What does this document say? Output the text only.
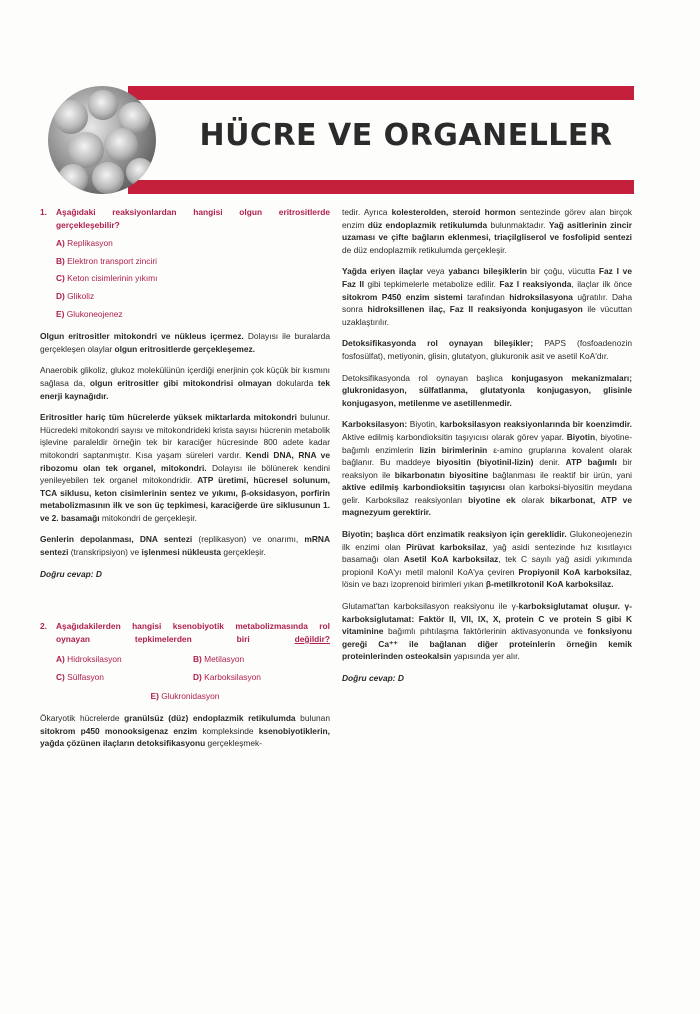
HÜCRE VE ORGANELLER
1.	Aşağıdaki reaksiyonlardan hangisi olgun eritrositlerde gerçekleşebilir?
A) Replikasyon
B) Elektron transport zinciri
C) Keton cisimlerinin yıkımı
D) Glikoliz
E) Glukoneojenez

Olgun eritrositler mitokondri ve nükleus içermez. Dolayısı ile buralarda gerçekleşen olaylar olgun eritrositlerde gerçekleşemez.

Anaerobik glikoliz, glukoz molekülünün içerdiği enerjinin çok küçük bir kısmını sağlasa da, olgun eritrositler gibi mitokondrisi olmayan dokularda tek enerji kaynağıdır.

Eritrositler hariç tüm hücrelerde yüksek miktarlarda mitokondri bulunur. Hücredeki mitokondri sayısı ve mitokondrideki krista sayısı hücrenin metabolik işlevine paraleldir örneğin tek bir karaciğer hücresinde 800 adete kadar mitokondri saptanmıştır. Kısa yaşam süreleri vardır. Kendi DNA, RNA ve ribozomu olan tek organel, mitokondri. Dolayısı ile bölünerek kendini yenileyebilen tek organel mitokondridir. ATP üretimi, hücresel solunum, TCA siklusu, keton cisimlerinin sentez ve yıkımı, β-oksidasyon, porfirin metabolizmasının ilk ve son üç tepkimesi, karaciğerde üre siklusunun 1. ve 2. basamağı mitokondri de gerçekleşir.

Genlerin depolanması, DNA sentezi (replikasyon) ve onarımı, mRNA sentezi (transkripsiyon) ve işlenmesi nükleusta gerçekleşir.

Doğru cevap: D
2.	Aşağıdakilerden hangisi ksenobiyotik metabolizmasında rol oynayan tepkimelerden biri değildir?
A) Hidroksilasyon	B) Metilasyon
C) Sülfasyon	D) Karboksilasyon
E) Glukronidasyon

Ökaryotik hücrelerde granülsüz (düz) endoplazmik retikulumda bulunan sitokrom p450 monooksigenaz enzim kompleksinde ksenobiyotiklerin, yağda çözünen ilaçların detoksifikasyonu gerçekleşmek-

tedir. Ayrıca kolesterolden, steroid hormon sentezinde görev alan birçok enzim düz endoplazmik retikulumda bulunmaktadır. Yağ asitlerinin zincir uzaması ve çifte bağların eklenmesi, triaçilgliserol ve fosfolipid sentezi de düz endoplazmik retikulumda gerçekleşir.

Yağda eriyen ilaçlar veya yabancı bileşiklerin bir çoğu, vücutta Faz I ve Faz II gibi tepkimelerle metabolize edilir. Faz I reaksiyonda, ilaçlar ilk önce sitokrom P450 enzim sistemi tarafından hidroksilasyona uğratılır. Daha sonra hidroksillenen ilaç, Faz II reaksiyonda konjugasyon ile vücuttan uzaklaştırılır.

Detoksifikasyonda rol oynayan bileşikler; PAPS (fosfoadenozin fosfosülfat), metiyonin, glisin, glutatyon, glukuronik asit ve asetil KoA'dır.

Detoksifikasyonda rol oynayan başlıca konjugasyon mekanizmaları; glukronidasyon, sülfatlanma, glutatyonla konjugasyon, glisinle konjugasyon, metilenme ve asetillenmedir.

Karboksilasyon: Biyotin, karboksilasyon reaksiyonlarında bir koenzimdir. Aktive edilmiş karbondioksitin taşıyıcısı olarak görev yapar. Biyotin, biyotine-bağımlı enzimlerin lizin birimlerinin ε-amino gruplarına kovalent olarak bağlanır. Bu maddeye biyositin (biyotinil-lizin) denir. ATP bağımlı bir reaksiyon ile bikarbonatın biyositine bağlanması ile reaktif bir ürün, yani aktive edilmiş karbondioksitin taşıyıcısı olan karboksi-biyositin meydana gelir. Karboksilaz reaksiyonları biyotine ek olarak bikarbonat, ATP ve magnezyum gerektirir.

Biyotin; başlıca dört enzimatik reaksiyon için gereklidir. Glukoneojenezin ilk enzimi olan Pirüvat karboksilaz, yağ asidi sentezinde hız kısıtlayıcı basamağı olan Asetil KoA karboksilaz, tek C sayılı yağ asidi yıkımında propionil KoA'yı metil malonil KoA'ya çeviren Propiyonil KoA karboksilaz, lösin ve bazı izoprenoid birimleri yıkan β-metilkrotonil KoA karboksilaz.

Glutamat'tan karboksilasyon reaksiyonu ile γ-karboksiglutamat oluşur. γ-karboksiglutamat: Faktör II, VII, IX, X, protein C ve protein S gibi K vitaminine bağımlı pıhtılaşma faktörlerinin aktivasyonunda ve fonksiyonu gereği Ca⁺⁺ ile bağlanan diğer proteinlerin örneğin kemik proteinlerinden osteokalsin yapısında yer alır.

Doğru cevap: D
